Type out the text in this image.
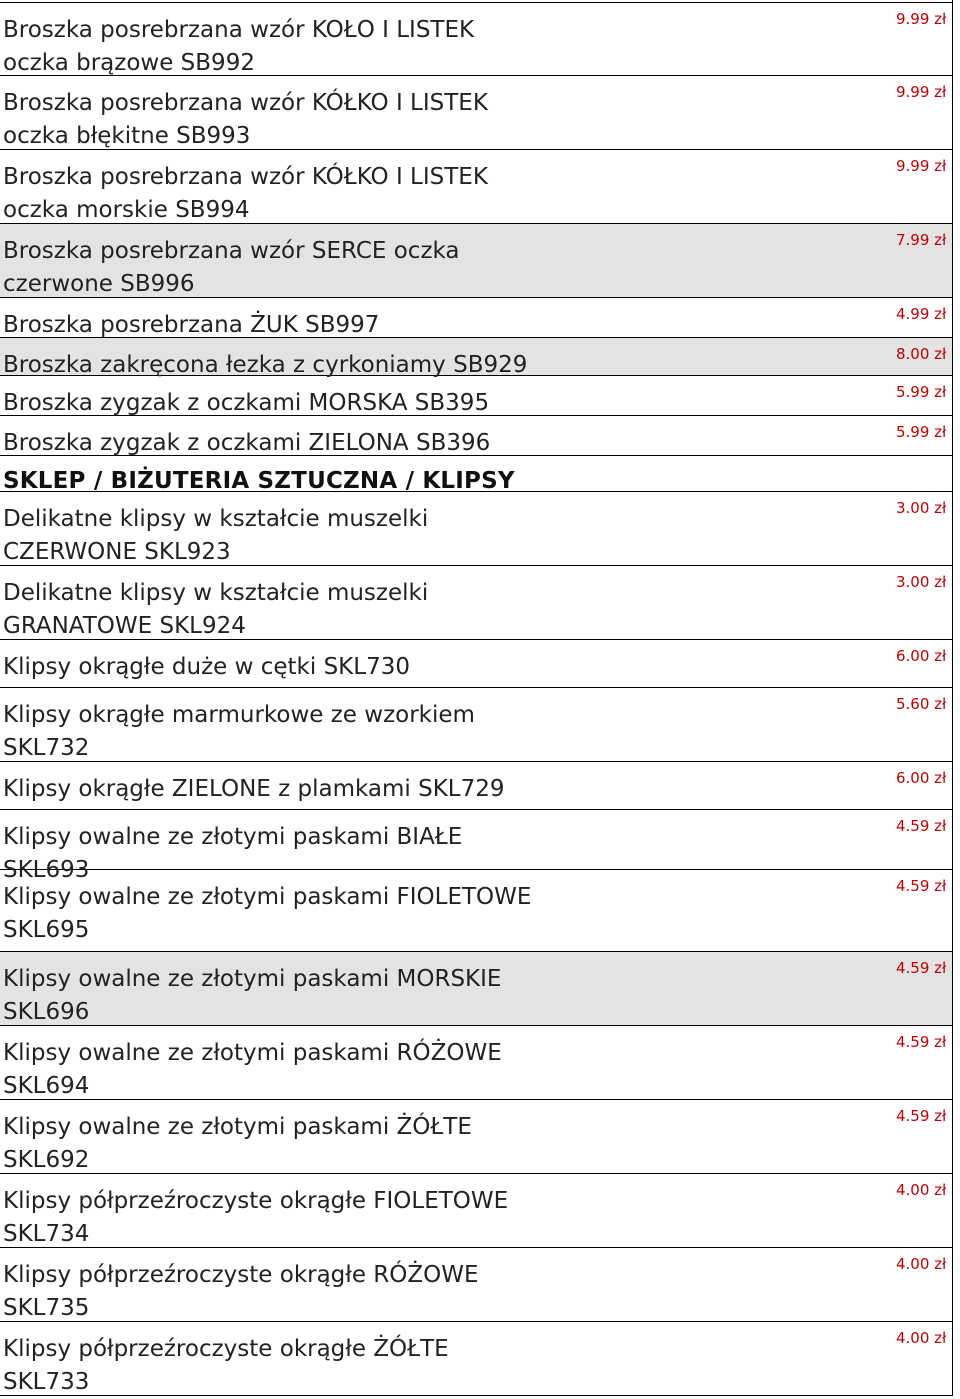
Broszka posrebrzana wzór KOŁO I LISTEK
oczka brązowe SB992
9.99 zł
Broszka posrebrzana wzór KÓŁKO I LISTEK
oczka błękitne SB993
9.99 zł
Broszka posrebrzana wzór KÓŁKO I LISTEK
oczka morskie SB994
9.99 zł
Broszka posrebrzana wzór SERCE oczka
czerwone SB996
7.99 zł
Broszka posrebrzana ŻUK SB997	4.99 zł
Broszka zakręcona łezka z cyrkoniamy SB929	8.00 zł
Broszka zygzak z oczkami MORSKA SB395	5.99 zł
Broszka zygzak z oczkami ZIELONA SB396	5.99 zł
SKLEP / BIŻUTERIA SZTUCZNA / KLIPSY
Delikatne klipsy w kształcie muszelki
CZERWONE SKL923
3.00 zł
Delikatne klipsy w kształcie muszelki
GRANATOWE SKL924
3.00 zł
Klipsy okrągłe duże w cętki SKL730	6.00 zł
Klipsy okrągłe marmurkowe ze wzorkiem
SKL732
5.60 zł
Klipsy okrągłe ZIELONE z plamkami SKL729	6.00 zł
Klipsy owalne ze złotymi paskami BIAŁE
SKL693
4.59 zł
Klipsy owalne ze złotymi paskami FIOLETOWE
SKL695
4.59 zł
Klipsy owalne ze złotymi paskami MORSKIE
SKL696
4.59 zł
Klipsy owalne ze złotymi paskami RÓŻOWE
SKL694
4.59 zł
Klipsy owalne ze złotymi paskami ŻÓŁTE
SKL692
4.59 zł
Klipsy półprzeźroczyste okrągłe FIOLETOWE
SKL734
4.00 zł
Klipsy półprzeźroczyste okrągłe RÓŻOWE
SKL735
4.00 zł
Klipsy półprzeźroczyste okrągłe ŻÓŁTE
SKL733
4.00 zł
